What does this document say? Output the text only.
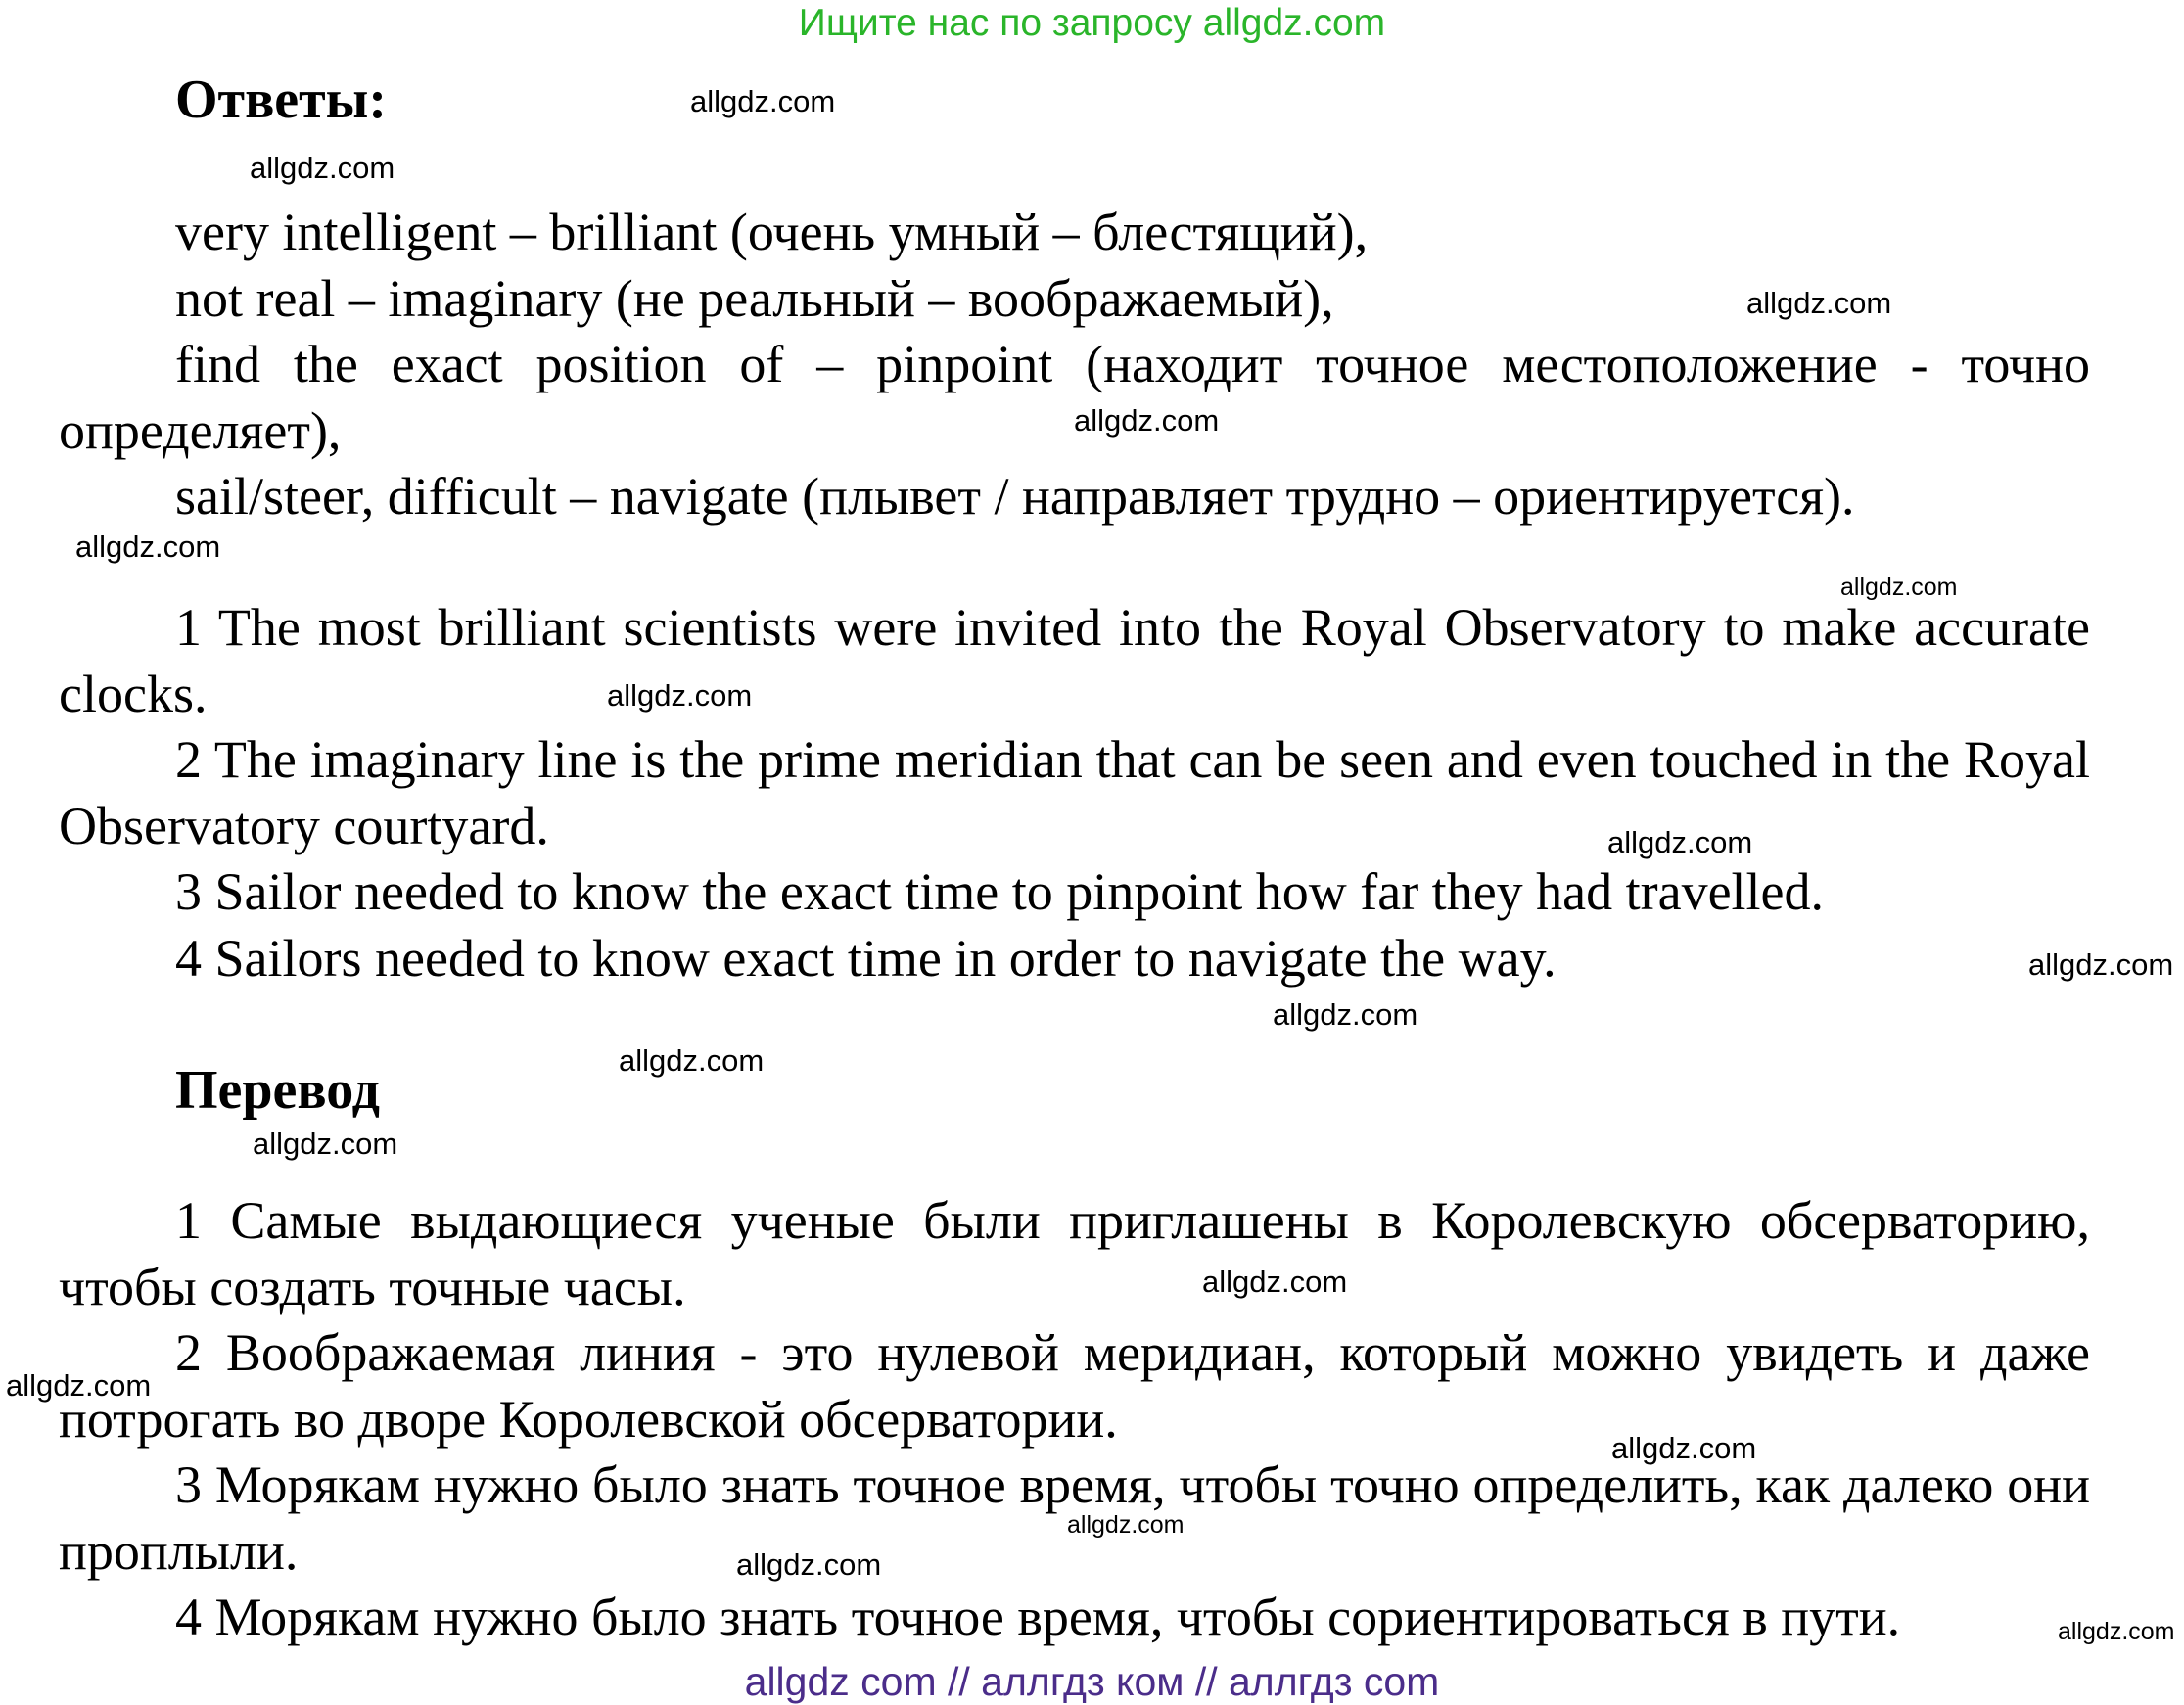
Ищите нас по запросу allgdz.com
Ответы:

very intelligent – brilliant (очень умный – блестящий),

not real – imaginary (не реальный – воображаемый),

find the exact position of – pinpoint (находит точное местоположение - точно определяет),

sail/steer, difficult – navigate (плывет / направляет трудно – ориентируется).

1 The most brilliant scientists were invited into the Royal Observatory to make accurate clocks.

2 The imaginary line is the prime meridian that can be seen and even touched in the Royal Observatory courtyard.

3 Sailor needed to know the exact time to pinpoint how far they had travelled.

4 Sailors needed to know exact time in order to navigate the way.

Перевод

1 Самые выдающиеся ученые были приглашены в Королевскую обсерваторию, чтобы создать точные часы.

2 Воображаемая линия - это нулевой меридиан, который можно увидеть и даже потрогать во дворе Королевской обсерватории.

3 Морякам нужно было знать точное время, чтобы точно определить, как далеко они проплыли.

4 Морякам нужно было знать точное время, чтобы сориентироваться в пути.

allgdz.com
allgdz.com
allgdz.com
allgdz.com
allgdz.com
allgdz.com
allgdz.com
allgdz.com
allgdz.com
allgdz.com
allgdz.com
allgdz.com
allgdz.com
allgdz.com
allgdz.com
allgdz.com
allgdz.com
allgdz.com
allgdz com // аллгдз ком // аллгдз com
